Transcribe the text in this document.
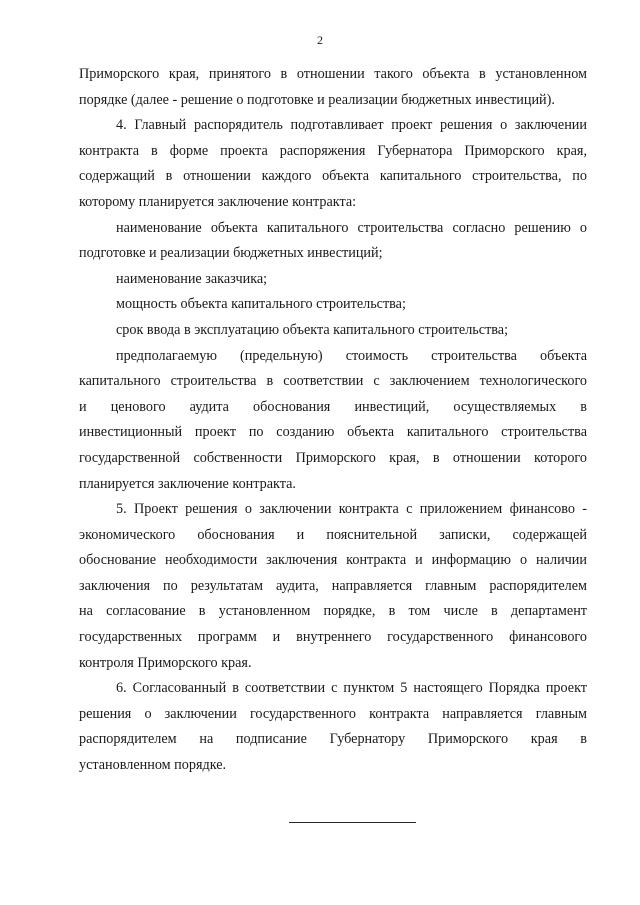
2
Приморского края, принятого в отношении такого объекта в установленном
порядке (далее - решение о подготовке и реализации бюджетных инвестиций).
4. Главный распорядитель подготавливает проект решения о заключении
контракта в форме проекта распоряжения Губернатора Приморского края,
содержащий в отношении каждого объекта капитального строительства, по
которому планируется заключение контракта:
наименование объекта капитального строительства согласно решению о
подготовке и реализации бюджетных инвестиций;
наименование заказчика;
мощность объекта капитального строительства;
срок ввода в эксплуатацию объекта капитального строительства;
предполагаемую (предельную) стоимость строительства объекта
капитального строительства в соответствии с заключением технологического
и ценового аудита обоснования инвестиций, осуществляемых в
инвестиционный проект по созданию объекта капитального строительства
государственной собственности Приморского края, в отношении которого
планируется заключение контракта.
5. Проект решения о заключении контракта с приложением финансово -
экономического обоснования и пояснительной записки, содержащей
обоснование необходимости заключения контракта и информацию о наличии
заключения по результатам аудита, направляется главным распорядителем
на согласование в установленном порядке, в том числе в департамент
государственных программ и внутреннего государственного финансового
контроля Приморского края.
6. Согласованный в соответствии с пунктом 5 настоящего Порядка проект
решения о заключении государственного контракта направляется главным
распорядителем на подписание Губернатору Приморского края в
установленном порядке.
